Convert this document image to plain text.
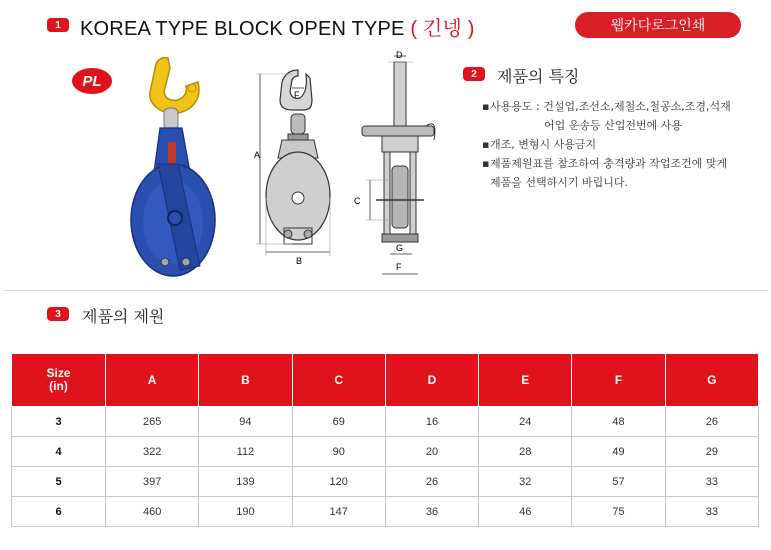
1 KOREA TYPE BLOCK OPEN TYPE ( 긴넹 )	웹카다로그인쇄
PL
A
B
F
D
C
G
F
2	제품의 특징
▪ 사용용도 : 건설업,조선소,제철소,철공소,조경,석재
어업 운송등 산업전번에 사용
▪ 개조, 변형시 사용금지
▪ 제품제원표를 참조하여 충격량과 작업조건에 맞게
제품을 선택하시기 바립니다.
3	제품의 제원
Size
(in)	A	B	C	D	E	F	G
3	265	94	69	16	24	48	26
4	322	112	90	20	28	49	29
5	397	139	120	26	32	57	33
6	460	190	147	36	46	75	33
